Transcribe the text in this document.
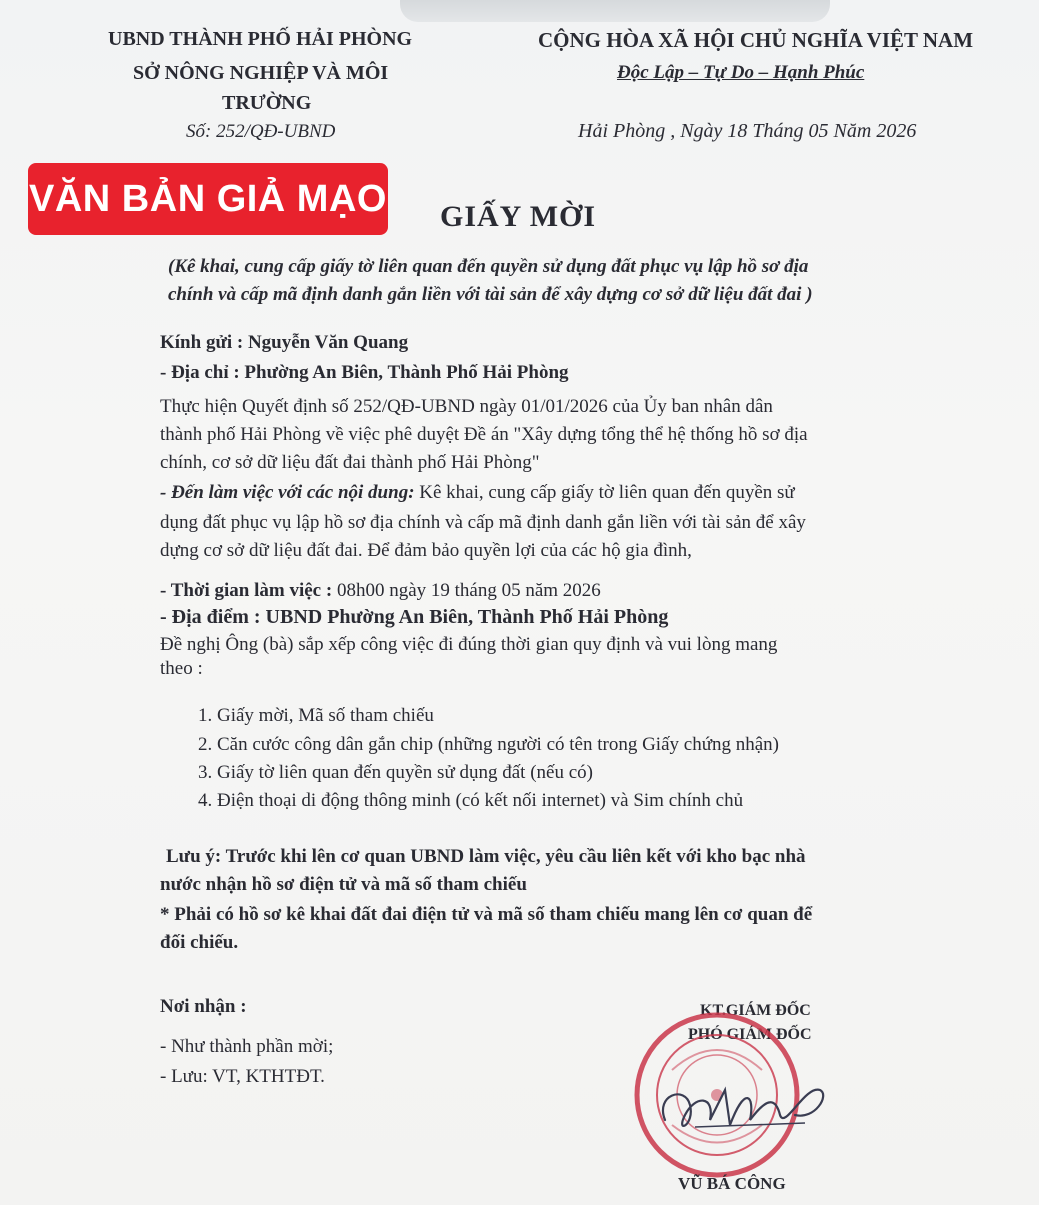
UBND THÀNH PHỐ HẢI PHÒNG
SỞ NÔNG NGHIỆP VÀ MÔI
TRƯỜNG
Số: 252/QĐ-UBND
CỘNG HÒA XÃ HỘI CHỦ NGHĨA VIỆT NAM
Độc Lập – Tự Do – Hạnh Phúc
Hải Phòng , Ngày 18 Tháng 05 Năm 2026
VĂN BẢN GIẢ MẠO GIẤY MỜI
(Kê khai, cung cấp giấy tờ liên quan đến quyền sử dụng đất phục vụ lập hồ sơ địa
chính và cấp mã định danh gắn liền với tài sản để xây dựng cơ sở dữ liệu đất đai )
Kính gửi : Nguyễn Văn Quang
- Địa chỉ : Phường An Biên, Thành Phố Hải Phòng
Thực hiện Quyết định số 252/QĐ-UBND ngày 01/01/2026 của Ủy ban nhân dân
thành phố Hải Phòng về việc phê duyệt Đề án "Xây dựng tổng thể hệ thống hồ sơ địa
chính, cơ sở dữ liệu đất đai thành phố Hải Phòng"
- Đến làm việc với các nội dung: Kê khai, cung cấp giấy tờ liên quan đến quyền sử
dụng đất phục vụ lập hồ sơ địa chính và cấp mã định danh gắn liền với tài sản để xây
dựng cơ sở dữ liệu đất đai. Để đảm bảo quyền lợi của các hộ gia đình,
- Thời gian làm việc : 08h00 ngày 19 tháng 05 năm 2026
- Địa điểm : UBND Phường An Biên, Thành Phố Hải Phòng
Đề nghị Ông (bà) sắp xếp công việc đi đúng thời gian quy định và vui lòng mang
theo :
1. Giấy mời, Mã số tham chiếu
2. Căn cước công dân gắn chip (những người có tên trong Giấy chứng nhận)
3. Giấy tờ liên quan đến quyền sử dụng đất (nếu có)
4. Điện thoại di động thông minh (có kết nối internet) và Sim chính chủ
Lưu ý: Trước khi lên cơ quan UBND làm việc, yêu cầu liên kết với kho bạc nhà
nước nhận hồ sơ điện tử và mã số tham chiếu
* Phải có hồ sơ kê khai đất đai điện tử và mã số tham chiếu mang lên cơ quan để
đối chiếu.
Nơi nhận :
- Như thành phần mời;
- Lưu: VT, KTHTĐT.
KT.GIÁM ĐỐC
PHÓ GIÁM ĐỐC
VŨ BÁ CÔNG
